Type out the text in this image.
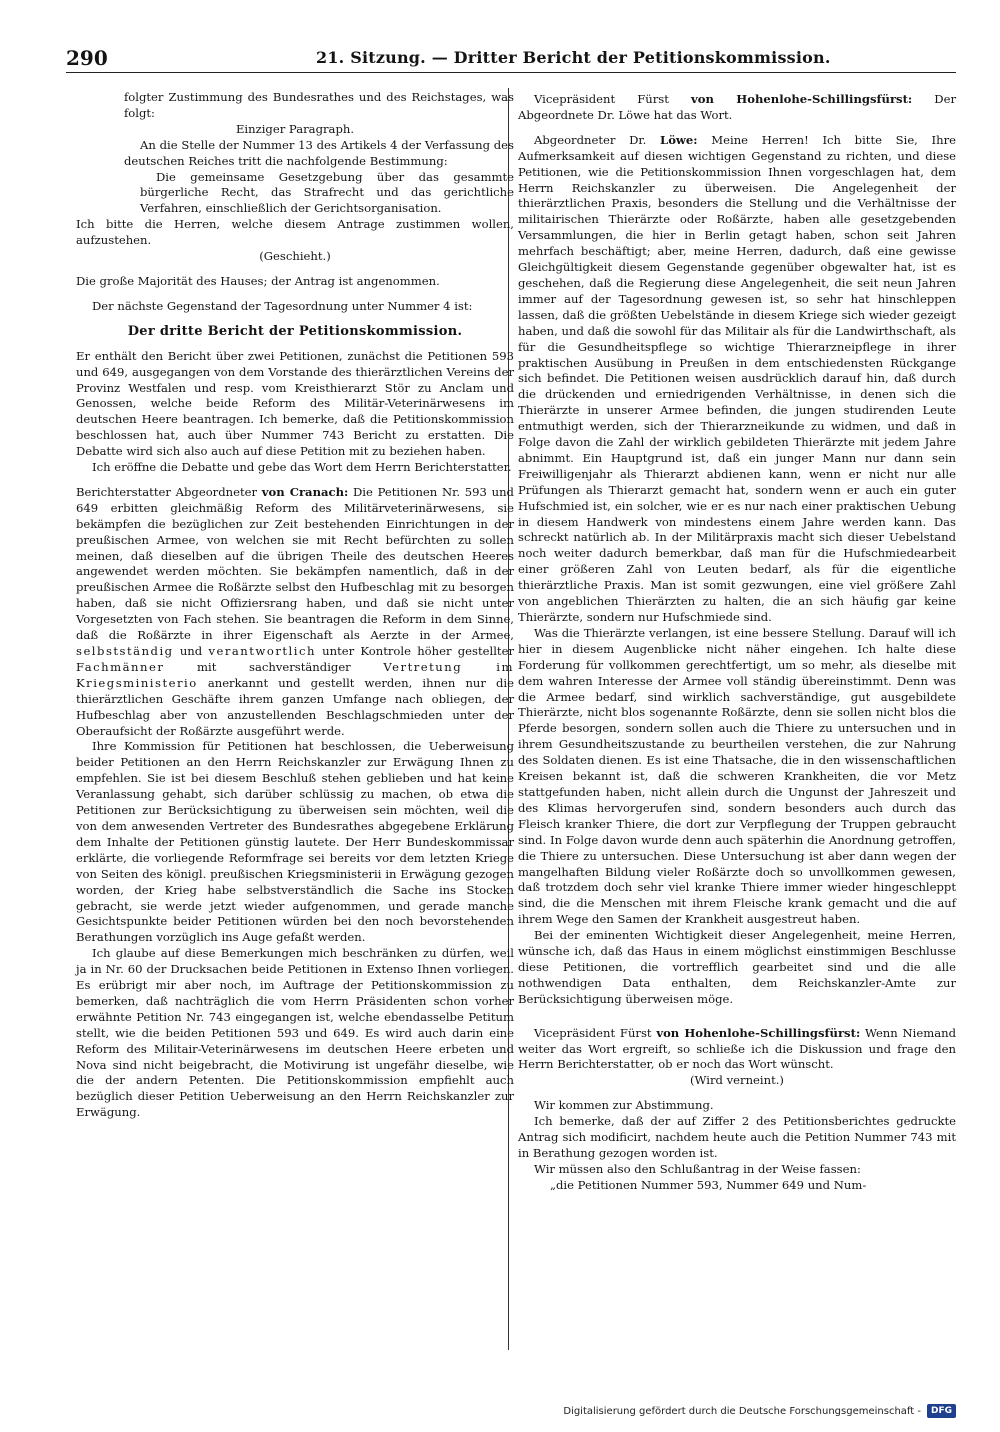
290	21. Sitzung. — Dritter Bericht der Petitionskommission.

folgter Zustimmung des Bundesrathes und des Reichstages, was folgt:

Einziger Paragraph.

An die Stelle der Nummer 13 des Artikels 4 der Verfassung des deutschen Reiches tritt die nachfolgende Bestimmung:

Die gemeinsame Gesetzgebung über das gesammte bürgerliche Recht, das Strafrecht und das gerichtliche Verfahren, einschließlich der Gerichtsorganisation.

Ich bitte die Herren, welche diesem Antrage zustimmen wollen, aufzustehen.

(Geschieht.)

Die große Majorität des Hauses; der Antrag ist angenommen.

Der nächste Gegenstand der Tagesordnung unter Nummer 4 ist:

Der dritte Bericht der Petitionskommission.

Er enthält den Bericht über zwei Petitionen, zunächst die Petitionen 593 und 649, ausgegangen von dem Vorstande des thierärztlichen Vereins der Provinz Westfalen und resp. vom Kreisthierarzt Stör zu Anclam und Genossen, welche beide Reform des Militär-Veterinärwesens im deutschen Heere beantragen. Ich bemerke, daß die Petitionskommission beschlossen hat, auch über Nummer 743 Bericht zu erstatten. Die Debatte wird sich also auch auf diese Petition mit zu beziehen haben.

Ich eröffne die Debatte und gebe das Wort dem Herrn Berichterstatter.

Berichterstatter Abgeordneter von Cranach: Die Petitionen Nr. 593 und 649 erbitten gleichmäßig Reform des Militärveterinärwesens, sie bekämpfen die bezüglichen zur Zeit bestehenden Einrichtungen in der preußischen Armee, von welchen sie mit Recht befürchten zu sollen meinen, daß dieselben auf die übrigen Theile des deutschen Heeres angewendet werden möchten. Sie bekämpfen namentlich, daß in der preußischen Armee die Roßärzte selbst den Hufbeschlag mit zu besorgen haben, daß sie nicht Offiziersrang haben, und daß sie nicht unter Vorgesetzten von Fach stehen. Sie beantragen die Reform in dem Sinne, daß die Roßärzte in ihrer Eigenschaft als Aerzte in der Armee, selbstständig und verantwortlich unter Kontrole höher gestellter Fachmänner mit sachverständiger Vertretung im Kriegsministerio anerkannt und gestellt werden, ihnen nur die thierärztlichen Geschäfte ihrem ganzen Umfange nach obliegen, der Hufbeschlag aber von anzustellenden Beschlagschmieden unter der Oberaufsicht der Roßärzte ausgeführt werde.

Ihre Kommission für Petitionen hat beschlossen, die Ueberweisung beider Petitionen an den Herrn Reichskanzler zur Erwägung Ihnen zu empfehlen. Sie ist bei diesem Beschluß stehen geblieben und hat keine Veranlassung gehabt, sich darüber schlüssig zu machen, ob etwa die Petitionen zur Berücksichtigung zu überweisen sein möchten, weil die von dem anwesenden Vertreter des Bundesrathes abgegebene Erklärung dem Inhalte der Petitionen günstig lautete. Der Herr Bundeskommissar erklärte, die vorliegende Reformfrage sei bereits vor dem letzten Kriege von Seiten des königl. preußischen Kriegsministerii in Erwägung gezogen worden, der Krieg habe selbstverständlich die Sache ins Stocken gebracht, sie werde jetzt wieder aufgenommen, und gerade manche Gesichtspunkte beider Petitionen würden bei den noch bevorstehenden Berathungen vorzüglich ins Auge gefaßt werden.

Ich glaube auf diese Bemerkungen mich beschränken zu dürfen, weil ja in Nr. 60 der Drucksachen beide Petitionen in Extenso Ihnen vorliegen. Es erübrigt mir aber noch, im Auftrage der Petitionskommission zu bemerken, daß nachträglich die vom Herrn Präsidenten schon vorher erwähnte Petition Nr. 743 eingegangen ist, welche ebendasselbe Petitum stellt, wie die beiden Petitionen 593 und 649. Es wird auch darin eine Reform des Militair-Veterinärwesens im deutschen Heere erbeten und Nova sind nicht beigebracht, die Motivirung ist ungefähr dieselbe, wie die der andern Petenten. Die Petitionskommission empfiehlt auch bezüglich dieser Petition Ueberweisung an den Herrn Reichskanzler zur Erwägung.

Vicepräsident Fürst von Hohenlohe-Schillingsfürst: Der Abgeordnete Dr. Löwe hat das Wort.

Abgeordneter Dr. Löwe: Meine Herren! Ich bitte Sie, Ihre Aufmerksamkeit auf diesen wichtigen Gegenstand zu richten, und diese Petitionen, wie die Petitionskommission Ihnen vorgeschlagen hat, dem Herrn Reichskanzler zu überweisen. Die Angelegenheit der thierärztlichen Praxis, besonders die Stellung und die Verhältnisse der militairischen Thierärzte oder Roßärzte, haben alle gesetzgebenden Versammlungen, die hier in Berlin getagt haben, schon seit Jahren mehrfach beschäftigt; aber, meine Herren, dadurch, daß eine gewisse Gleichgültigkeit diesem Gegenstande gegenüber obgewalter hat, ist es geschehen, daß die Regierung diese Angelegenheit, die seit neun Jahren immer auf der Tagesordnung gewesen ist, so sehr hat hinschleppen lassen, daß die größten Uebelstände in diesem Kriege sich wieder gezeigt haben, und daß die sowohl für das Militair als für die Landwirthschaft, als für die Gesundheitspflege so wichtige Thierarzneipflege in ihrer praktischen Ausübung in Preußen in dem entschiedensten Rückgange sich befindet. Die Petitionen weisen ausdrücklich darauf hin, daß durch die drückenden und erniedrigenden Verhältnisse, in denen sich die Thierärzte in unserer Armee befinden, die jungen studirenden Leute entmuthigt werden, sich der Thierarzneikunde zu widmen, und daß in Folge davon die Zahl der wirklich gebildeten Thierärzte mit jedem Jahre abnimmt. Ein Hauptgrund ist, daß ein junger Mann nur dann sein Freiwilligenjahr als Thierarzt abdienen kann, wenn er nicht nur alle Prüfungen als Thierarzt gemacht hat, sondern wenn er auch ein guter Hufschmied ist, ein solcher, wie er es nur nach einer praktischen Uebung in diesem Handwerk von mindestens einem Jahre werden kann. Das schreckt natürlich ab. In der Militärpraxis macht sich dieser Uebelstand noch weiter dadurch bemerkbar, daß man für die Hufschmiedearbeit einer größeren Zahl von Leuten bedarf, als für die eigentliche thierärztliche Praxis. Man ist somit gezwungen, eine viel größere Zahl von angeblichen Thierärzten zu halten, die an sich häufig gar keine Thierärzte, sondern nur Hufschmiede sind.

Was die Thierärzte verlangen, ist eine bessere Stellung. Darauf will ich hier in diesem Augenblicke nicht näher eingehen. Ich halte diese Forderung für vollkommen gerechtfertigt, um so mehr, als dieselbe mit dem wahren Interesse der Armee voll ständig übereinstimmt. Denn was die Armee bedarf, sind wirklich sachverständige, gut ausgebildete Thierärzte, nicht blos sogenannte Roßärzte, denn sie sollen nicht blos die Pferde besorgen, sondern sollen auch die Thiere zu untersuchen und in ihrem Gesundheitszustande zu beurtheilen verstehen, die zur Nahrung des Soldaten dienen. Es ist eine Thatsache, die in den wissenschaftlichen Kreisen bekannt ist, daß die schweren Krankheiten, die vor Metz stattgefunden haben, nicht allein durch die Ungunst der Jahreszeit und des Klimas hervorgerufen sind, sondern besonders auch durch das Fleisch kranker Thiere, die dort zur Verpflegung der Truppen gebraucht sind. In Folge davon wurde denn auch späterhin die Anordnung getroffen, die Thiere zu untersuchen. Diese Untersuchung ist aber dann wegen der mangelhaften Bildung vieler Roßärzte doch so unvollkommen gewesen, daß trotzdem doch sehr viel kranke Thiere immer wieder hingeschleppt sind, die die Menschen mit ihrem Fleische krank gemacht und die auf ihrem Wege den Samen der Krankheit ausgestreut haben.

Bei der eminenten Wichtigkeit dieser Angelegenheit, meine Herren, wünsche ich, daß das Haus in einem möglichst einstimmigen Beschlusse diese Petitionen, die vortrefflich gearbeitet sind und die alle nothwendigen Data enthalten, dem Reichskanzler-Amte zur Berücksichtigung überweisen möge.

Vicepräsident Fürst von Hohenlohe-Schillingsfürst: Wenn Niemand weiter das Wort ergreift, so schließe ich die Diskussion und frage den Herrn Berichterstatter, ob er noch das Wort wünscht.

(Wird verneint.)

Wir kommen zur Abstimmung.

Ich bemerke, daß der auf Ziffer 2 des Petitionsberichtes gedruckte Antrag sich modificirt, nachdem heute auch die Petition Nummer 743 mit in Berathung gezogen worden ist.

Wir müssen also den Schlußantrag in der Weise fassen:

„die Petitionen Nummer 593, Nummer 649 und Num-

Digitalisierung gefördert durch die Deutsche Forschungsgemeinschaft -	DFG
